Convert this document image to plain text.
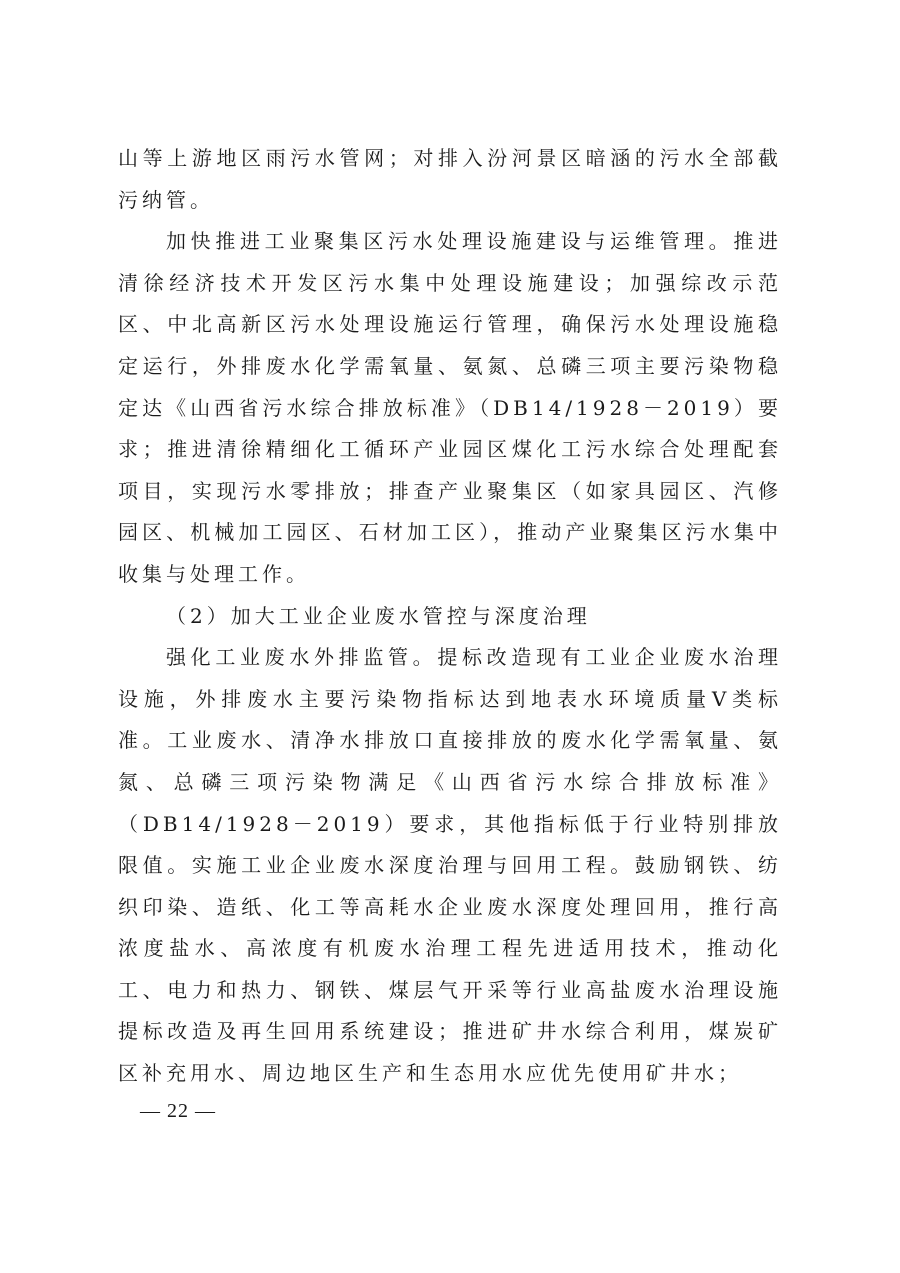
山等上游地区雨污水管网；对排入汾河景区暗涵的污水全部截污纳管。

加快推进工业聚集区污水处理设施建设与运维管理。推进清徐经济技术开发区污水集中处理设施建设；加强综改示范区、中北高新区污水处理设施运行管理，确保污水处理设施稳定运行，外排废水化学需氧量、氨氮、总磷三项主要污染物稳定达《山西省污水综合排放标准》（DB14/1928－2019）要求；推进清徐精细化工循环产业园区煤化工污水综合处理配套项目，实现污水零排放；排查产业聚集区（如家具园区、汽修园区、机械加工园区、石材加工区），推动产业聚集区污水集中收集与处理工作。

（2）加大工业企业废水管控与深度治理

强化工业废水外排监管。提标改造现有工业企业废水治理设施，外排废水主要污染物指标达到地表水环境质量Ⅴ类标准。工业废水、清净水排放口直接排放的废水化学需氧量、氨氮、总磷三项污染物满足《山西省污水综合排放标准》（DB14/1928－2019）要求，其他指标低于行业特别排放限值。实施工业企业废水深度治理与回用工程。鼓励钢铁、纺织印染、造纸、化工等高耗水企业废水深度处理回用，推行高浓度盐水、高浓度有机废水治理工程先进适用技术，推动化工、电力和热力、钢铁、煤层气开采等行业高盐废水治理设施提标改造及再生回用系统建设；推进矿井水综合利用，煤炭矿区补充用水、周边地区生产和生态用水应优先使用矿井水；

— 22 —
